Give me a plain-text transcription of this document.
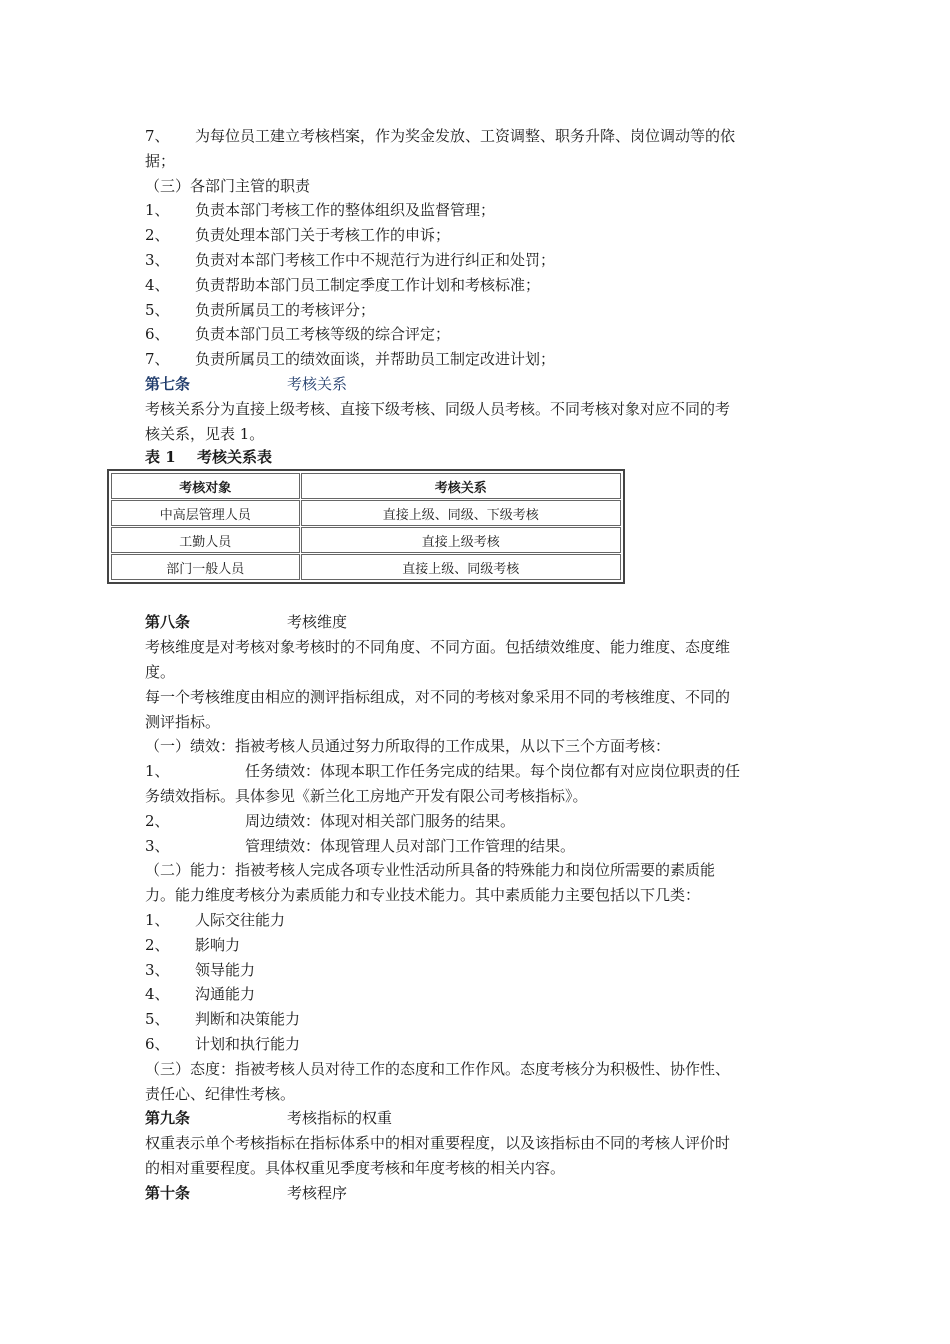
7、 为每位员工建立考核档案，作为奖金发放、工资调整、职务升降、岗位调动等的依
据；
（三）各部门主管的职责
1、 负责本部门考核工作的整体组织及监督管理；
2、 负责处理本部门关于考核工作的申诉；
3、 负责对本部门考核工作中不规范行为进行纠正和处罚；
4、 负责帮助本部门员工制定季度工作计划和考核标准；
5、 负责所属员工的考核评分；
6、 负责本部门员工考核等级的综合评定；
7、 负责所属员工的绩效面谈，并帮助员工制定改进计划；
第七条	考核关系
考核关系分为直接上级考核、直接下级考核、同级人员考核。不同考核对象对应不同的考
核关系，见表 1。
表 1 考核关系表
考核对象	考核关系
中高层管理人员	直接上级、同级、下级考核
工勤人员	直接上级考核
部门一般人员	直接上级、同级考核
第八条	考核维度
考核维度是对考核对象考核时的不同角度、不同方面。包括绩效维度、能力维度、态度维
度。
每一个考核维度由相应的测评指标组成，对不同的考核对象采用不同的考核维度、不同的
测评指标。
（一）绩效：指被考核人员通过努力所取得的工作成果，从以下三个方面考核：
1、	任务绩效：体现本职工作任务完成的结果。每个岗位都有对应岗位职责的任
务绩效指标。具体参见《新兰化工房地产开发有限公司考核指标》。
2、	周边绩效：体现对相关部门服务的结果。
3、	管理绩效：体现管理人员对部门工作管理的结果。
（二）能力：指被考核人完成各项专业性活动所具备的特殊能力和岗位所需要的素质能
力。能力维度考核分为素质能力和专业技术能力。其中素质能力主要包括以下几类：
1、 人际交往能力
2、 影响力
3、 领导能力
4、 沟通能力
5、 判断和决策能力
6、 计划和执行能力
（三）态度：指被考核人员对待工作的态度和工作作风。态度考核分为积极性、协作性、
责任心、纪律性考核。
第九条	考核指标的权重
权重表示单个考核指标在指标体系中的相对重要程度，以及该指标由不同的考核人评价时
的相对重要程度。具体权重见季度考核和年度考核的相关内容。
第十条	考核程序
